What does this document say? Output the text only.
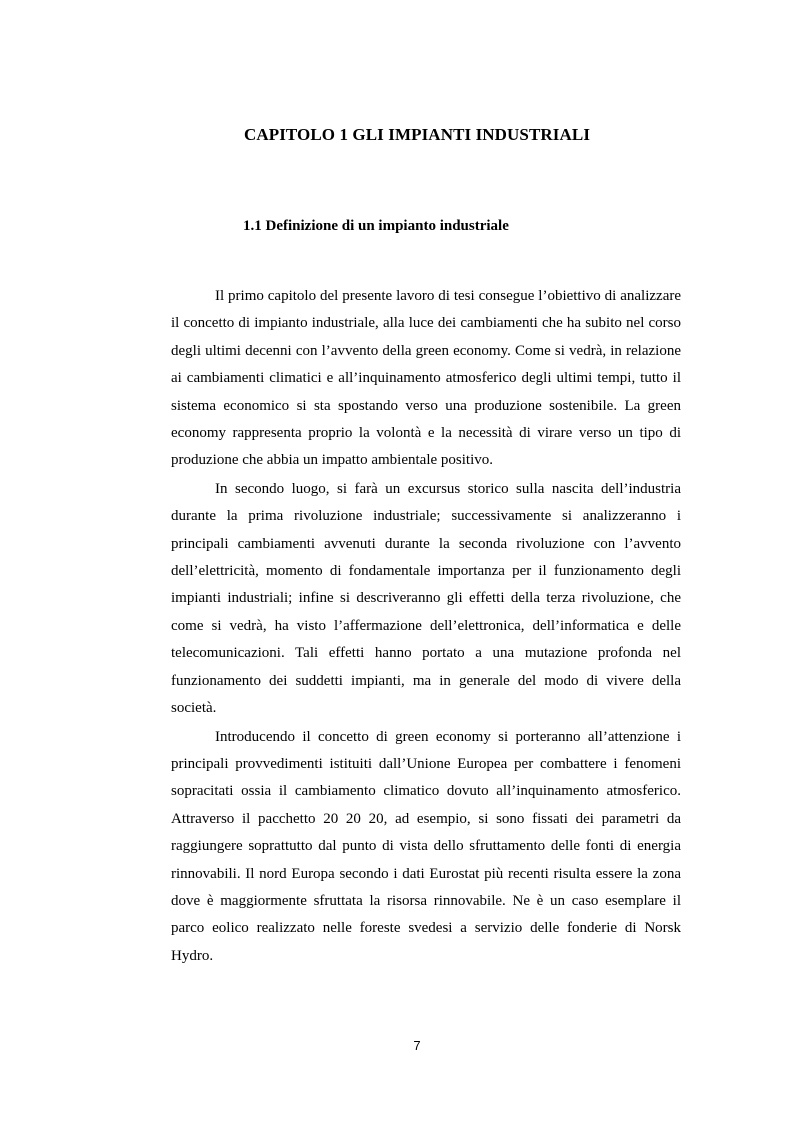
CAPITOLO 1 GLI IMPIANTI INDUSTRIALI
1.1 Definizione di un impianto industriale

Il primo capitolo del presente lavoro di tesi consegue l’obiettivo di analizzare il concetto di impianto industriale, alla luce dei cambiamenti che ha subito nel corso degli ultimi decenni con l’avvento della green economy. Come si vedrà, in relazione ai cambiamenti climatici e all’inquinamento atmosferico degli ultimi tempi, tutto il sistema economico si sta spostando verso una produzione sostenibile. La green economy rappresenta proprio la volontà e la necessità di virare verso un tipo di produzione che abbia un impatto ambientale positivo.

In secondo luogo, si farà un excursus storico sulla nascita dell’industria durante la prima rivoluzione industriale; successivamente si analizzeranno i principali cambiamenti avvenuti durante la seconda rivoluzione con l’avvento dell’elettricità, momento di fondamentale importanza per il funzionamento degli impianti industriali; infine si descriveranno gli effetti della terza rivoluzione, che come si vedrà, ha visto l’affermazione dell’elettronica, dell’informatica e delle telecomunicazioni. Tali effetti hanno portato a una mutazione profonda nel funzionamento dei suddetti impianti, ma in generale del modo di vivere della società.

Introducendo il concetto di green economy si porteranno all’attenzione i principali provvedimenti istituiti dall’Unione Europea per combattere i fenomeni sopracitati ossia il cambiamento climatico dovuto all’inquinamento atmosferico. Attraverso il pacchetto 20 20 20, ad esempio, si sono fissati dei parametri da raggiungere soprattutto dal punto di vista dello sfruttamento delle fonti di energia rinnovabili. Il nord Europa secondo i dati Eurostat più recenti risulta essere la zona dove è maggiormente sfruttata la risorsa rinnovabile. Ne è un caso esemplare il parco eolico realizzato nelle foreste svedesi a servizio delle fonderie di Norsk Hydro.

7
